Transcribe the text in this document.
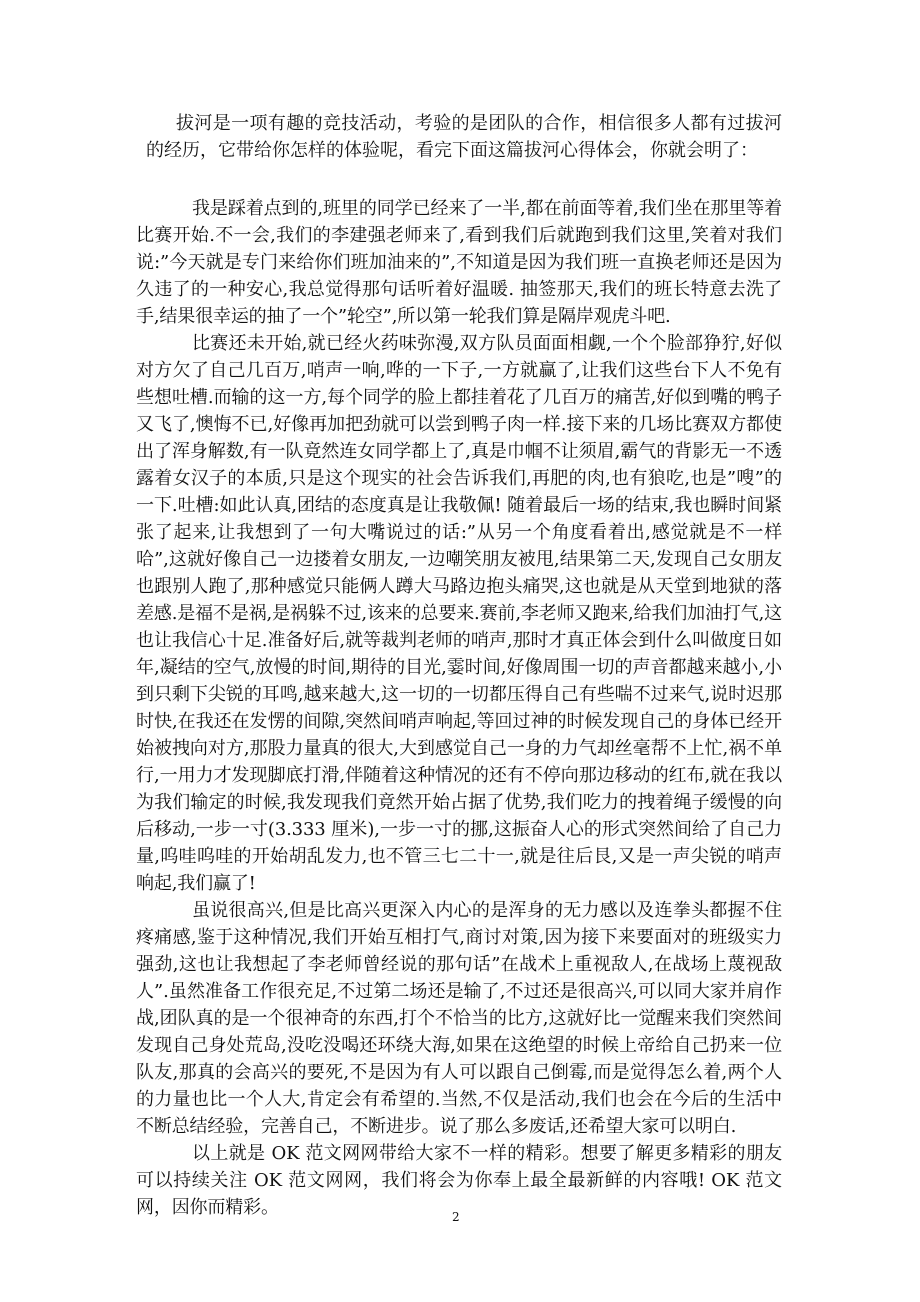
拔河是一项有趣的竞技活动，考验的是团队的合作，相信很多人都有过拔河的经历，它带给你怎样的体验呢，看完下面这篇拔河心得体会，你就会明了：

我是踩着点到的,班里的同学已经来了一半,都在前面等着,我们坐在那里等着比赛开始.不一会,我们的李建强老师来了,看到我们后就跑到我们这里,笑着对我们说:”今天就是专门来给你们班加油来的”,不知道是因为我们班一直换老师还是因为久违了的一种安心,我总觉得那句话听着好温暖. 抽签那天,我们的班长特意去洗了手,结果很幸运的抽了一个”轮空”,所以第一轮我们算是隔岸观虎斗吧.

比赛还未开始,就已经火药味弥漫,双方队员面面相觑,一个个脸部狰狞,好似对方欠了自己几百万,哨声一响,哗的一下子,一方就赢了,让我们这些台下人不免有些想吐槽.而输的这一方,每个同学的脸上都挂着花了几百万的痛苦,好似到嘴的鸭子又飞了,懊悔不已,好像再加把劲就可以尝到鸭子肉一样.接下来的几场比赛双方都使出了浑身解数,有一队竟然连女同学都上了,真是巾帼不让须眉,霸气的背影无一不透露着女汉子的本质,只是这个现实的社会告诉我们,再肥的肉,也有狼吃,也是”嗖”的一下.吐槽:如此认真,团结的态度真是让我敬佩! 随着最后一场的结束,我也瞬时间紧张了起来,让我想到了一句大嘴说过的话:”从另一个角度看着出,感觉就是不一样哈”,这就好像自己一边搂着女朋友,一边嘲笑朋友被甩,结果第二天,发现自己女朋友也跟别人跑了,那种感觉只能俩人蹲大马路边抱头痛哭,这也就是从天堂到地狱的落差感.是福不是祸,是祸躲不过,该来的总要来.赛前,李老师又跑来,给我们加油打气,这也让我信心十足.准备好后,就等裁判老师的哨声,那时才真正体会到什么叫做度日如年,凝结的空气,放慢的时间,期待的目光,霎时间,好像周围一切的声音都越来越小,小到只剩下尖锐的耳鸣,越来越大,这一切的一切都压得自己有些喘不过来气,说时迟那时快,在我还在发愣的间隙,突然间哨声响起,等回过神的时候发现自己的身体已经开始被拽向对方,那股力量真的很大,大到感觉自己一身的力气却丝毫帮不上忙,祸不单行,一用力才发现脚底打滑,伴随着这种情况的还有不停向那边移动的红布,就在我以为我们输定的时候,我发现我们竟然开始占据了优势,我们吃力的拽着绳子缓慢的向后移动,一步一寸(3.333 厘米),一步一寸的挪,这振奋人心的形式突然间给了自己力量,呜哇呜哇的开始胡乱发力,也不管三七二十一,就是往后艮,又是一声尖锐的哨声响起,我们赢了!

虽说很高兴,但是比高兴更深入内心的是浑身的无力感以及连拳头都握不住疼痛感,鉴于这种情况,我们开始互相打气,商讨对策,因为接下来要面对的班级实力强劲,这也让我想起了李老师曾经说的那句话”在战术上重视敌人,在战场上蔑视敌人”.虽然准备工作很充足,不过第二场还是输了,不过还是很高兴,可以同大家并肩作战,团队真的是一个很神奇的东西,打个不恰当的比方,这就好比一觉醒来我们突然间发现自己身处荒岛,没吃没喝还环绕大海,如果在这绝望的时候上帝给自己扔来一位队友,那真的会高兴的要死,不是因为有人可以跟自己倒霉,而是觉得怎么着,两个人的力量也比一个人大,肯定会有希望的.当然,不仅是活动,我们也会在今后的生活中不断总结经验，完善自己，不断进步。说了那么多废话,还希望大家可以明白.

以上就是 OK 范文网网带给大家不一样的精彩。想要了解更多精彩的朋友可以持续关注 OK 范文网网，我们将会为你奉上最全最新鲜的内容哦! OK 范文网，因你而精彩。	2
